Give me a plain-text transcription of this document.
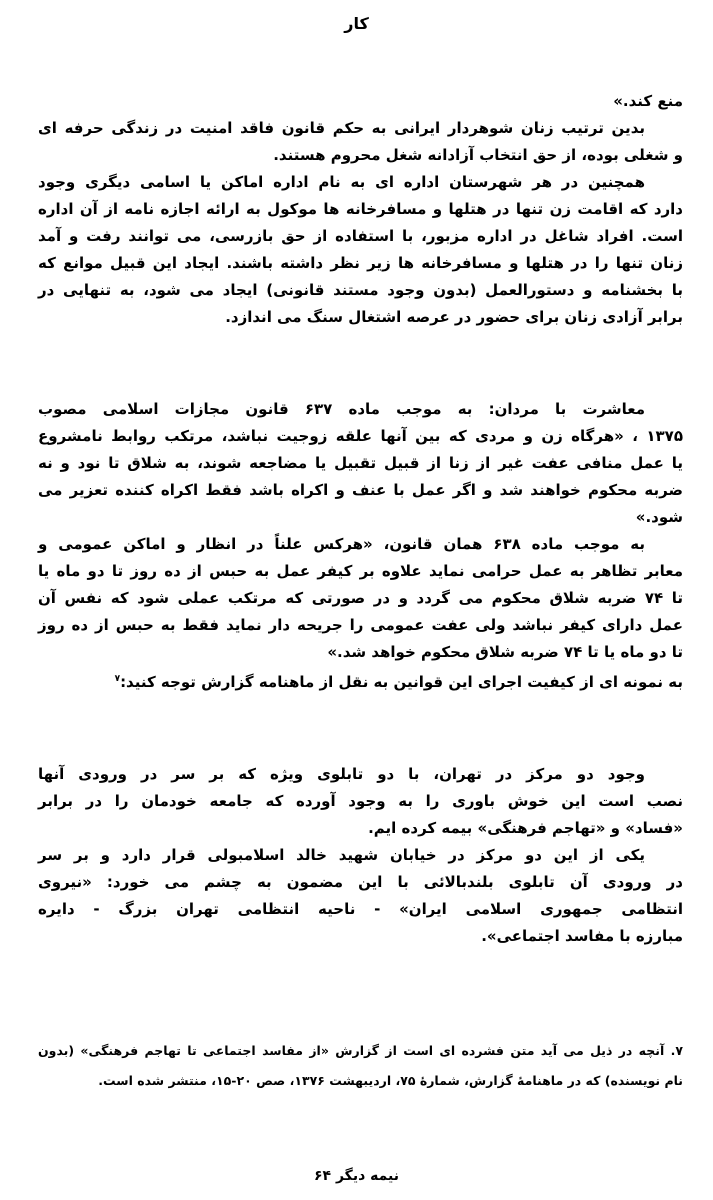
کار
منع کند.»
بدین ترتیب زنان شوهردار ایرانی به حکم قانون فاقد امنیت در زندگی حرفه ای
و شغلی بوده، از حق انتخاب آزادانه شغل محروم هستند.
همچنین در هر شهرستان اداره ای به نام اداره اماکن یا اسامی دیگری وجود
دارد که اقامت زن تنها در هتلها و مسافرخانه ها موکول به ارائه اجازه نامه از آن اداره
است. افراد شاغل در اداره مزبور، با استفاده از حق بازرسی، می توانند رفت و آمد
زنان تنها را در هتلها و مسافرخانه ها زیر نظر داشته باشند. ایجاد این قبیل موانع که
با بخشنامه و دستورالعمل (بدون وجود مستند قانونی) ایجاد می شود، به تنهایی در
برابر آزادی زنان برای حضور در عرصه اشتغال سنگ می اندازد.
معاشرت با مردان: به موجب ماده ۶۳۷ قانون مجازات اسلامی مصوب
۱۳۷۵ ، «هرگاه زن و مردی که بین آنها علقه زوجیت نباشد، مرتکب روابط نامشروع
یا عمل منافی عفت غیر از زنا از قبیل تقبیل یا مضاجعه شوند، به شلاق تا نود و نه
ضربه محکوم خواهند شد و اگر عمل با عنف و اکراه باشد فقط اکراه کننده تعزیر می
شود.»
به موجب ماده ۶۳۸ همان قانون، «هرکس علناً در انظار و اماکن عمومی و
معابر تظاهر به عمل حرامی نماید علاوه بر کیفر عمل به حبس از ده روز تا دو ماه یا
تا ۷۴ ضربه شلاق محکوم می گردد و در صورتی که مرتکب عملی شود که نفس آن
عمل دارای کیفر نباشد ولی عفت عمومی را جریحه دار نماید فقط به حبس از ده روز
تا دو ماه یا تا ۷۴ ضربه شلاق محکوم خواهد شد.»
به نمونه ای از کیفیت اجرای این قوانین به نقل از ماهنامه گزارش توجه کنید:$^۷$
وجود دو مرکز در تهران، با دو تابلوی ویژه که بر سر در ورودی آنها
نصب است این خوش باوری را به وجود آورده که جامعه خودمان را در برابر
«فساد» و «تهاجم فرهنگی» بیمه کرده ایم.
یکی از این دو مرکز در خیابان شهید خالد اسلامبولی قرار دارد و بر سر
در ورودی آن تابلوی بلندبالائی با این مضمون به چشم می خورد: «نیروی
انتظامی جمهوری اسلامی ایران» - ناحیه انتظامی تهران بزرگ - دایره
مبارزه با مفاسد اجتماعی».
۷. آنچه در ذیل می آید متن فشرده ای است از گزارش «از مفاسد اجتماعی تا تهاجم فرهنگی» (بدون
نام نویسنده) که در ماهنامهٔ گزارش، شمارهٔ ۷۵، اردیبهشت ۱۳۷۶، صص ۲۰-۱۵، منتشر شده است.
نیمه دیگر ۶۴
